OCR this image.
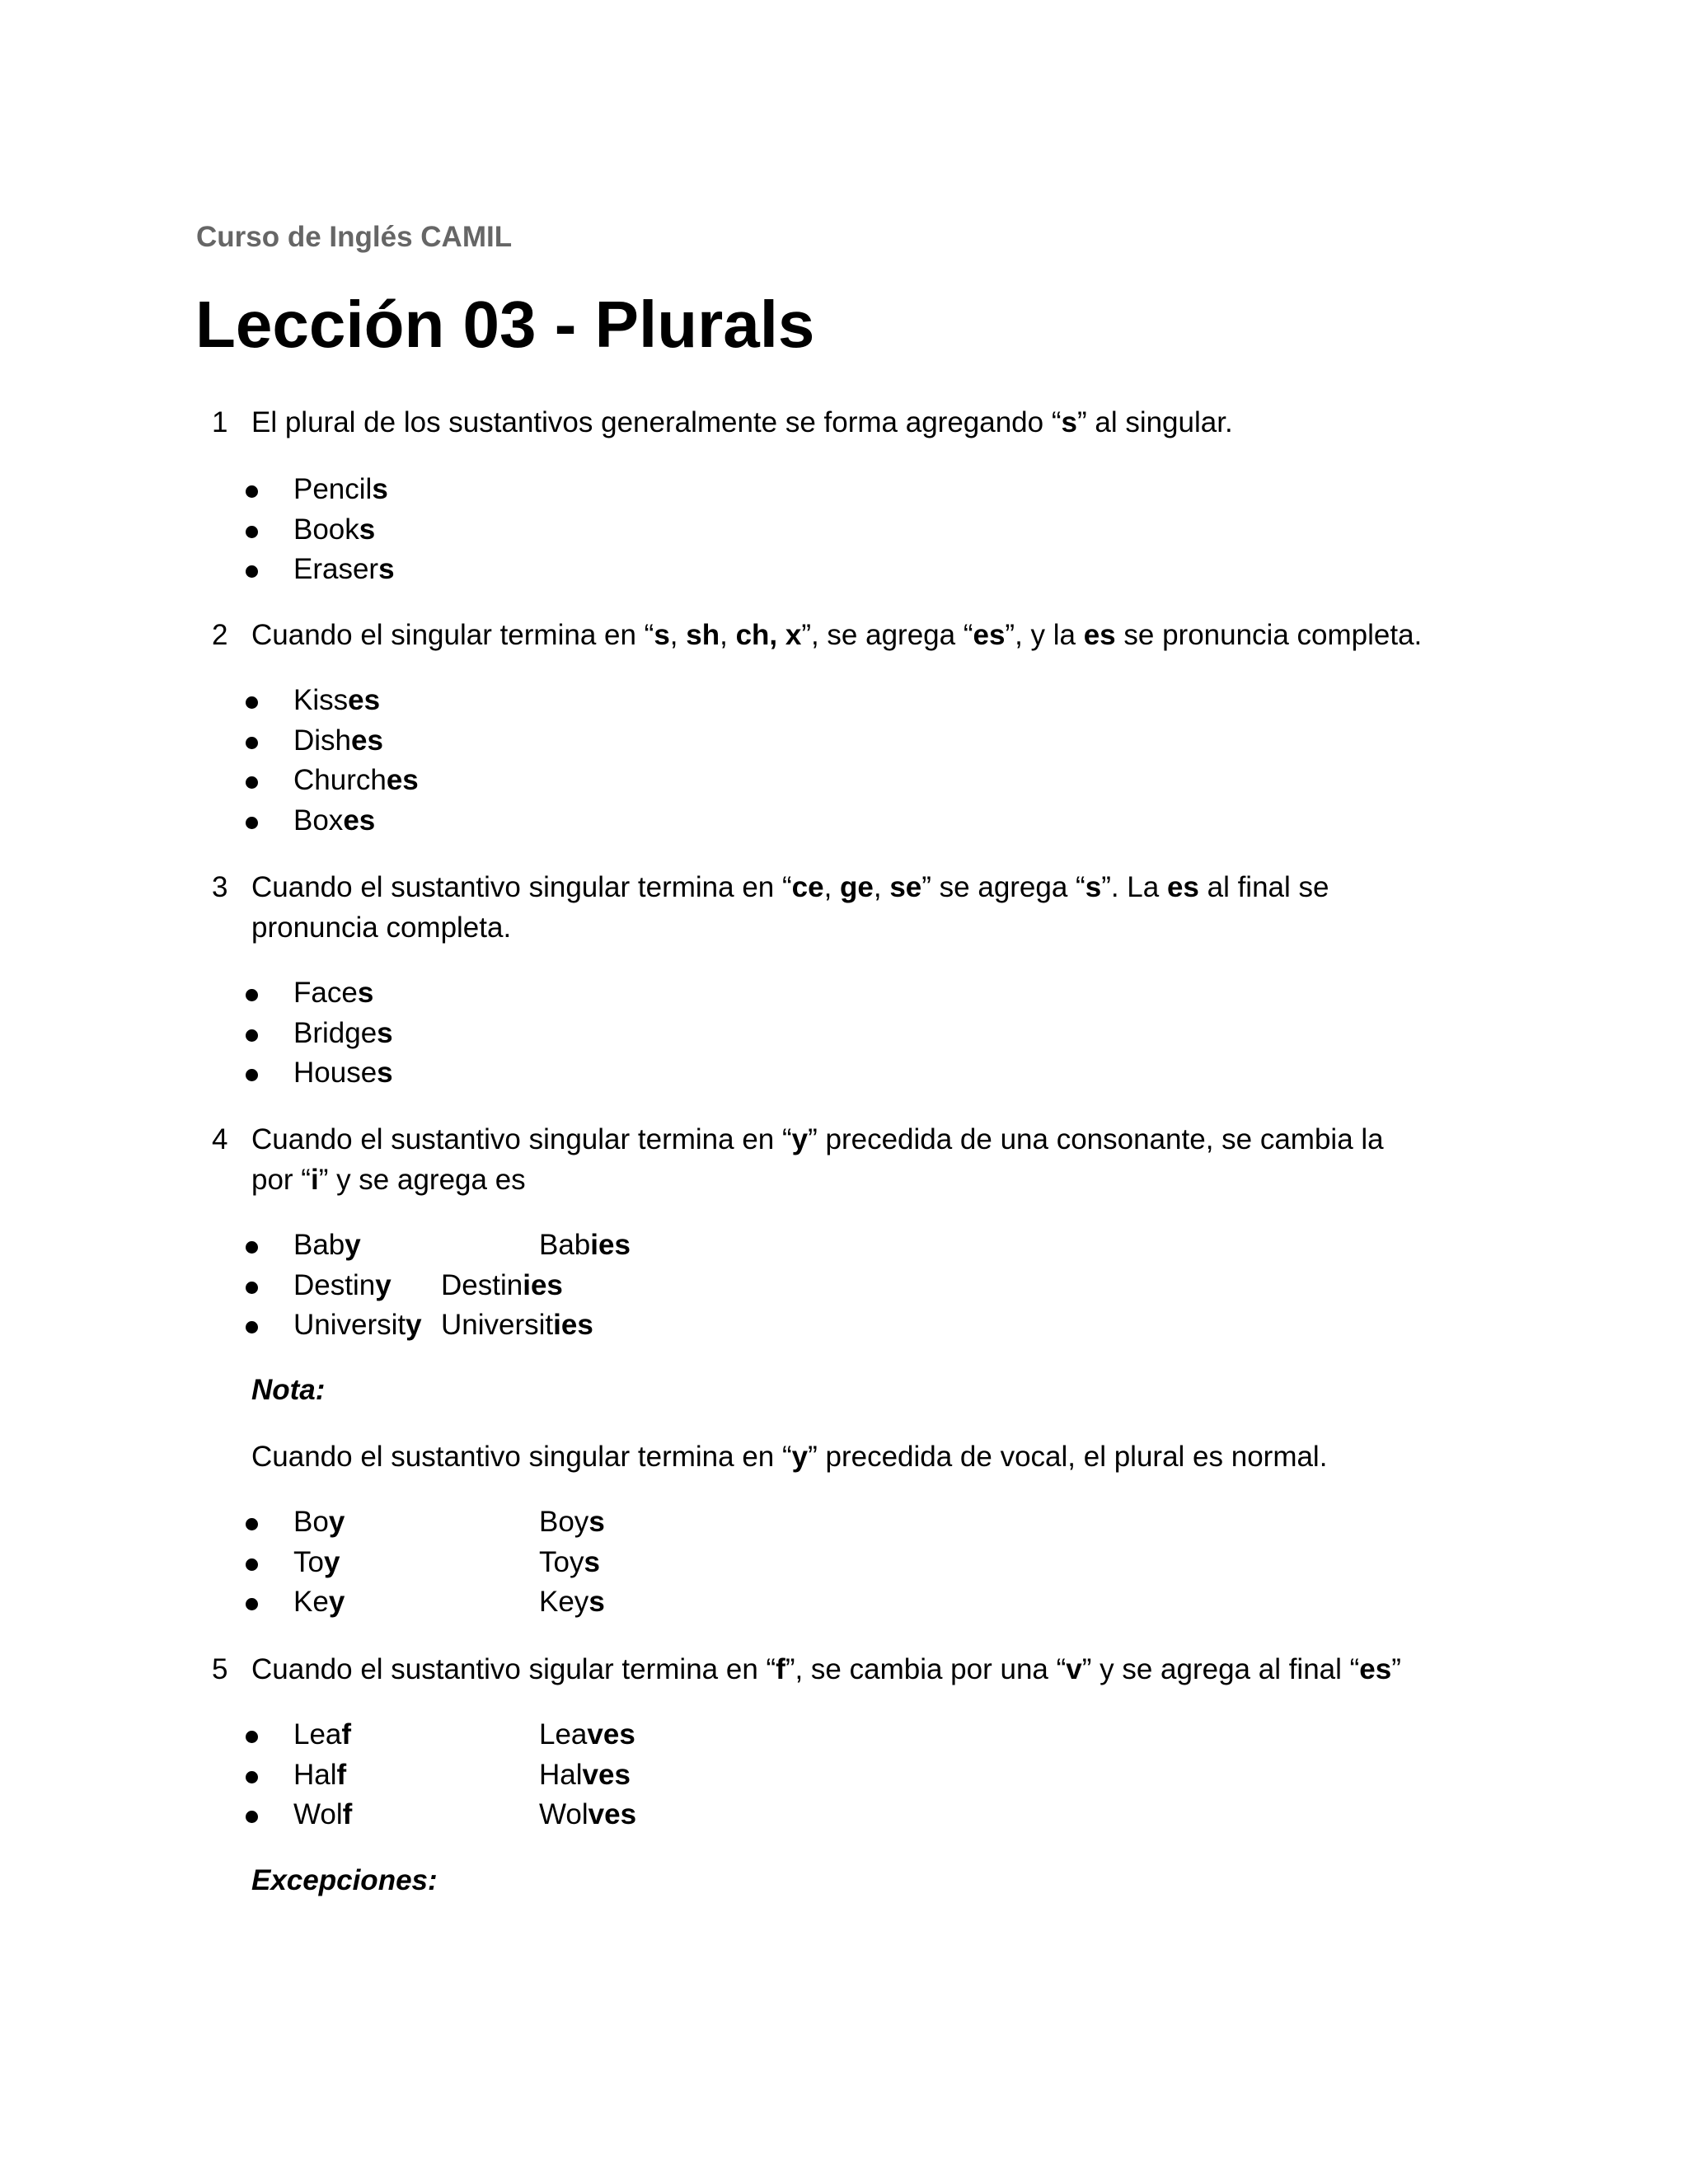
Curso de Inglés CAMIL
Lección 03 - Plurals
1 El plural de los sustantivos generalmente se forma agregando “s” al singular.
Pencils
Books
Erasers
2 Cuando el singular termina en “s, sh, ch, x”, se agrega “es”, y la es se pronuncia completa.
Kisses
Dishes
Churches
Boxes
3 Cuando el sustantivo singular termina en “ce, ge, se” se agrega “s”. La es al final se
pronuncia completa.
Faces
Bridges
Houses
4 Cuando el sustantivo singular termina en “y” precedida de una consonante, se cambia la
por “i” y se agrega es
Baby	Babies
Destiny Destinies
University Universities
Nota:
Cuando el sustantivo singular termina en “y” precedida de vocal, el plural es normal.
Boy	Boys
Toy	Toys
Key	Keys
5 Cuando el sustantivo sigular termina en “f”, se cambia por una “v” y se agrega al final “es”
Leaf	Leaves
Half	Halves
Wolf	Wolves
Excepciones:
